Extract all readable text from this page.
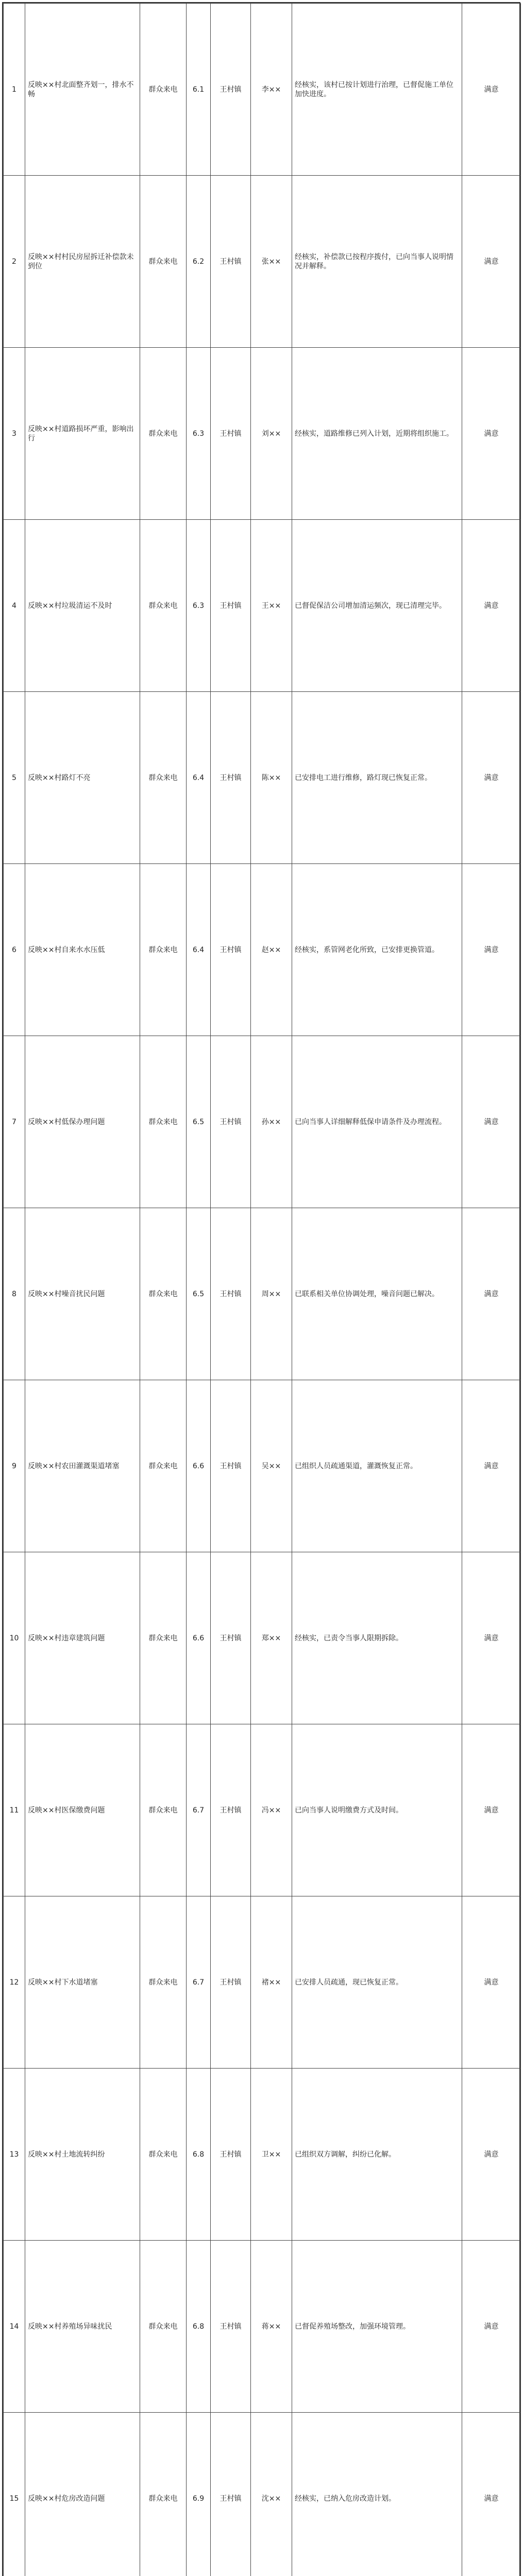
1	反映××村北面整齐划一，排水不畅	群众来电	6.1	王村镇	李××	经核实，该村已按计划进行治理，已督促施工单位加快进度。	满意
2	反映××村村民房屋拆迁补偿款未到位	群众来电	6.2	王村镇	张××	经核实，补偿款已按程序拨付，已向当事人说明情况并解释。	满意
3	反映××村道路损坏严重，影响出行	群众来电	6.3	王村镇	刘××	经核实，道路维修已列入计划，近期将组织施工。	满意
4	反映××村垃圾清运不及时	群众来电	6.3	王村镇	王××	已督促保洁公司增加清运频次，现已清理完毕。	满意
5	反映××村路灯不亮	群众来电	6.4	王村镇	陈××	已安排电工进行维修，路灯现已恢复正常。	满意
6	反映××村自来水水压低	群众来电	6.4	王村镇	赵××	经核实，系管网老化所致，已安排更换管道。	满意
7	反映××村低保办理问题	群众来电	6.5	王村镇	孙××	已向当事人详细解释低保申请条件及办理流程。	满意
8	反映××村噪音扰民问题	群众来电	6.5	王村镇	周××	已联系相关单位协调处理，噪音问题已解决。	满意
9	反映××村农田灌溉渠道堵塞	群众来电	6.6	王村镇	吴××	已组织人员疏通渠道，灌溉恢复正常。	满意
10	反映××村违章建筑问题	群众来电	6.6	王村镇	郑××	经核实，已责令当事人限期拆除。	满意
11	反映××村医保缴费问题	群众来电	6.7	王村镇	冯××	已向当事人说明缴费方式及时间。	满意
12	反映××村下水道堵塞	群众来电	6.7	王村镇	褚××	已安排人员疏通，现已恢复正常。	满意
13	反映××村土地流转纠纷	群众来电	6.8	王村镇	卫××	已组织双方调解，纠纷已化解。	满意
14	反映××村养殖场异味扰民	群众来电	6.8	王村镇	蒋××	已督促养殖场整改，加强环境管理。	满意
15	反映××村危房改造问题	群众来电	6.9	王村镇	沈××	经核实，已纳入危房改造计划。	满意
